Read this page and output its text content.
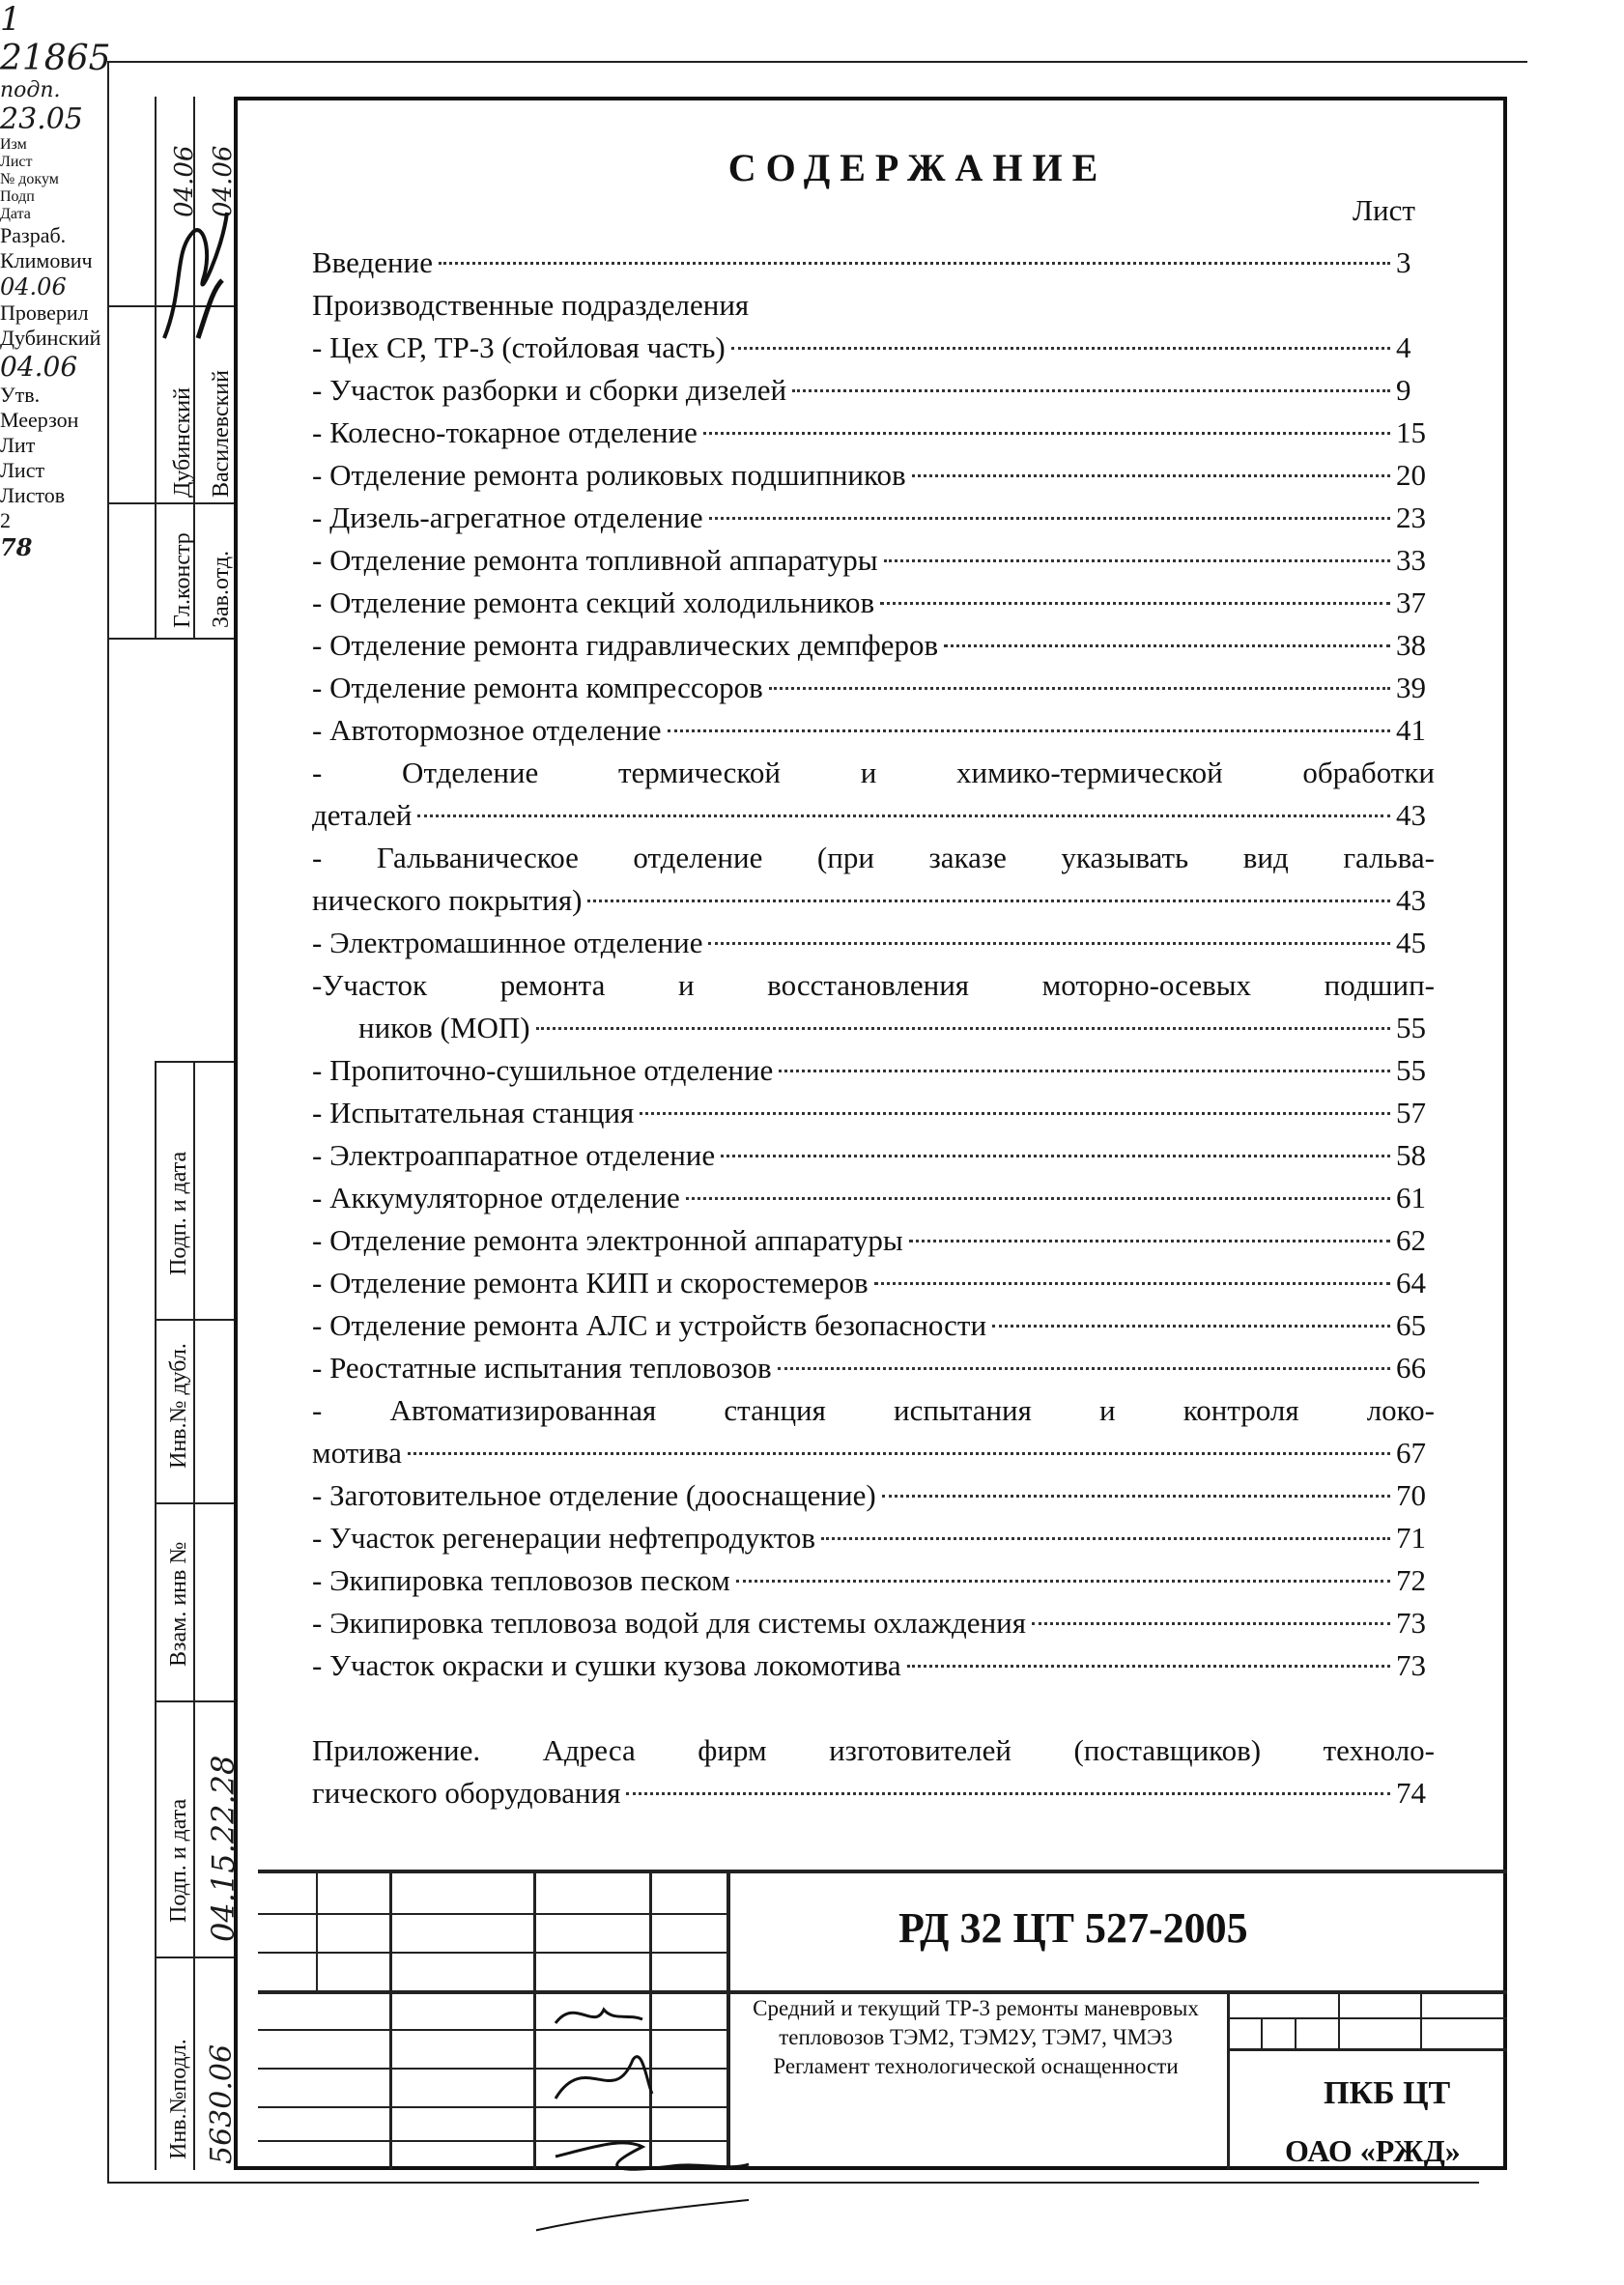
Гл.констр Зав.отд.
Дубинский Василевский
04.06 04.06
Подп. и дата
Инв.№ дубл.
Взам. инв №
Подп. и дата
Инв.№подл.
04.15.22.28
5630.06
СОДЕРЖАНИЕ
Лист
Введение	3
Производственные подразделения
- Цех СР, ТР-3 (стойловая часть)	4
- Участок разборки и сборки дизелей	9
- Колесно-токарное отделение	15
- Отделение ремонта роликовых подшипников	20
- Дизель-агрегатное отделение	23
- Отделение ремонта топливной аппаратуры	33
- Отделение ремонта секций холодильников	37
- Отделение ремонта гидравлических демпферов	38
- Отделение ремонта компрессоров	39
- Автотормозное отделение	41
- Отделение термической и химико-термической обработки
деталей	43
- Гальваническое отделение (при заказе указывать вид гальва-
нического покрытия)	43
- Электромашинное отделение	45
-Участок ремонта и восстановления моторно-осевых подшип-
ников (МОП)	55
- Пропиточно-сушильное отделение	55
- Испытательная станция	57
- Электроаппаратное отделение	58
- Аккумуляторное отделение	61
- Отделение ремонта электронной аппаратуры	62
- Отделение ремонта КИП и скоростемеров	64
- Отделение ремонта АЛС и устройств безопасности	65
- Реостатные испытания тепловозов	66
- Автоматизированная станция испытания и контроля локо-
мотива	67
- Заготовительное отделение (дооснащение)	70
- Участок регенерации нефтепродуктов	71
- Экипировка тепловозов песком	72
- Экипировка тепловоза водой для системы охлаждения	73
- Участок окраски и сушки кузова локомотива	73
Приложение. Адреса фирм изготовителей (поставщиков) техноло-
гического оборудования	74
1
21865
подп.
23.05
Изм
Лист
№ докум
Подп
Дата
Разраб.
Климович
04.06
Проверил
Дубинский
04.06
Утв.
Меерзон
РД 32 ЦТ 527-2005
Средний и текущий ТР-3 ремонты маневровых тепловозов ТЭМ2, ТЭМ2У, ТЭМ7, ЧМЭ3 Регламент технологической оснащенности
Лит
Лист
Листов
2
78
ПКБ ЦТ
ОАО «РЖД»
